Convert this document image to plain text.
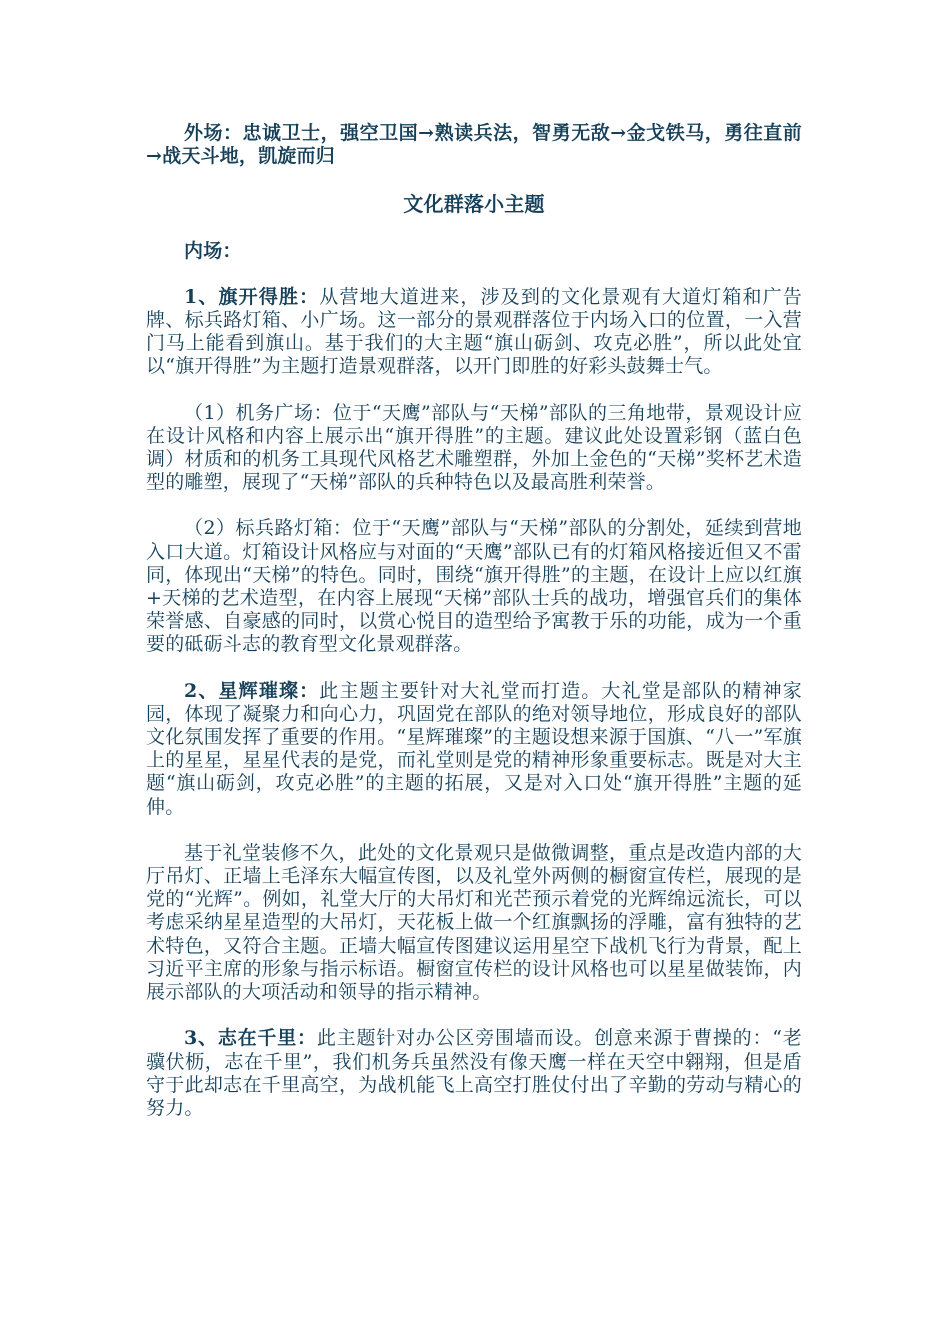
外场：忠诚卫士，强空卫国→熟读兵法，智勇无敌→金戈铁马，勇往直前→战天斗地，凯旋而归

文化群落小主题

内场：

1、旗开得胜：从营地大道进来，涉及到的文化景观有大道灯箱和广告牌、标兵路灯箱、小广场。这一部分的景观群落位于内场入口的位置，一入营门马上能看到旗山。基于我们的大主题“旗山砺剑、攻克必胜”，所以此处宜以“旗开得胜”为主题打造景观群落，以开门即胜的好彩头鼓舞士气。

（1）机务广场：位于“天鹰”部队与“天梯”部队的三角地带，景观设计应在设计风格和内容上展示出“旗开得胜”的主题。建议此处设置彩钢（蓝白色调）材质和的机务工具现代风格艺术雕塑群，外加上金色的“天梯”奖杯艺术造型的雕塑，展现了“天梯”部队的兵种特色以及最高胜利荣誉。

（2）标兵路灯箱：位于“天鹰”部队与“天梯”部队的分割处，延续到营地入口大道。灯箱设计风格应与对面的“天鹰”部队已有的灯箱风格接近但又不雷同，体现出“天梯”的特色。同时，围绕“旗开得胜”的主题，在设计上应以红旗+天梯的艺术造型，在内容上展现“天梯”部队士兵的战功，增强官兵们的集体荣誉感、自豪感的同时，以赏心悦目的造型给予寓教于乐的功能，成为一个重要的砥砺斗志的教育型文化景观群落。

2、星辉璀璨：此主题主要针对大礼堂而打造。大礼堂是部队的精神家园，体现了凝聚力和向心力，巩固党在部队的绝对领导地位，形成良好的部队文化氛围发挥了重要的作用。“星辉璀璨”的主题设想来源于国旗、“八一”军旗上的星星，星星代表的是党，而礼堂则是党的精神形象重要标志。既是对大主题“旗山砺剑，攻克必胜”的主题的拓展，又是对入口处“旗开得胜”主题的延伸。

基于礼堂装修不久，此处的文化景观只是做微调整，重点是改造内部的大厅吊灯、正墙上毛泽东大幅宣传图，以及礼堂外两侧的橱窗宣传栏，展现的是党的“光辉”。例如，礼堂大厅的大吊灯和光芒预示着党的光辉绵远流长，可以考虑采纳星星造型的大吊灯，天花板上做一个红旗飘扬的浮雕，富有独特的艺术特色，又符合主题。正墙大幅宣传图建议运用星空下战机飞行为背景，配上习近平主席的形象与指示标语。橱窗宣传栏的设计风格也可以星星做装饰，内展示部队的大项活动和领导的指示精神。

3、志在千里：此主题针对办公区旁围墙而设。创意来源于曹操的：“老骥伏枥，志在千里”，我们机务兵虽然没有像天鹰一样在天空中翱翔，但是盾守于此却志在千里高空，为战机能飞上高空打胜仗付出了辛勤的劳动与精心的努力。
